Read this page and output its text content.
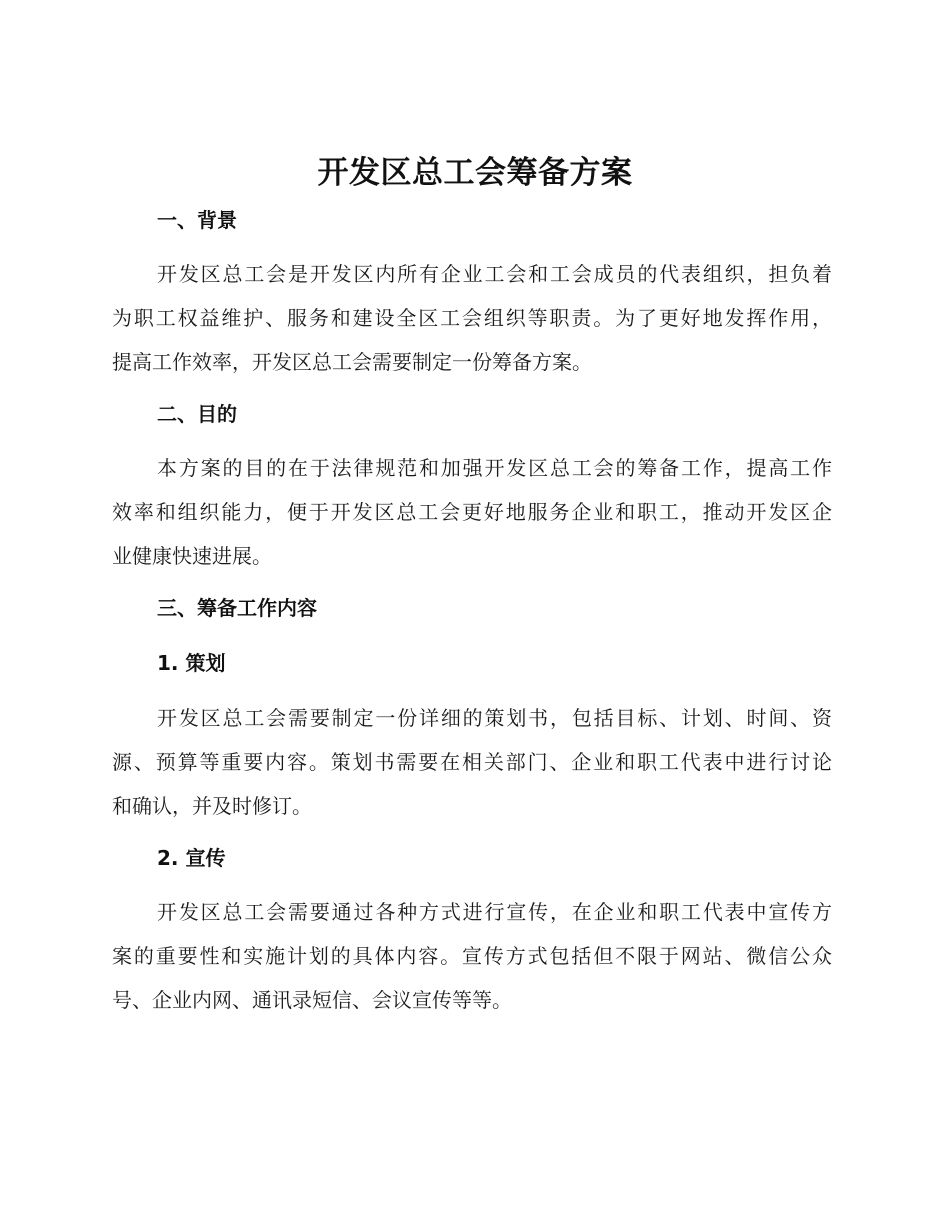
开发区总工会筹备方案
一、背景
开发区总工会是开发区内所有企业工会和工会成员的代表组织，担负着
为职工权益维护、服务和建设全区工会组织等职责。为了更好地发挥作用，
提高工作效率，开发区总工会需要制定一份筹备方案。
二、目的
本方案的目的在于法律规范和加强开发区总工会的筹备工作，提高工作
效率和组织能力，便于开发区总工会更好地服务企业和职工，推动开发区企
业健康快速进展。
三、筹备工作内容
1. 策划
开发区总工会需要制定一份详细的策划书，包括目标、计划、时间、资
源、预算等重要内容。策划书需要在相关部门、企业和职工代表中进行讨论
和确认，并及时修订。
2. 宣传
开发区总工会需要通过各种方式进行宣传，在企业和职工代表中宣传方
案的重要性和实施计划的具体内容。宣传方式包括但不限于网站、微信公众
号、企业内网、通讯录短信、会议宣传等等。
